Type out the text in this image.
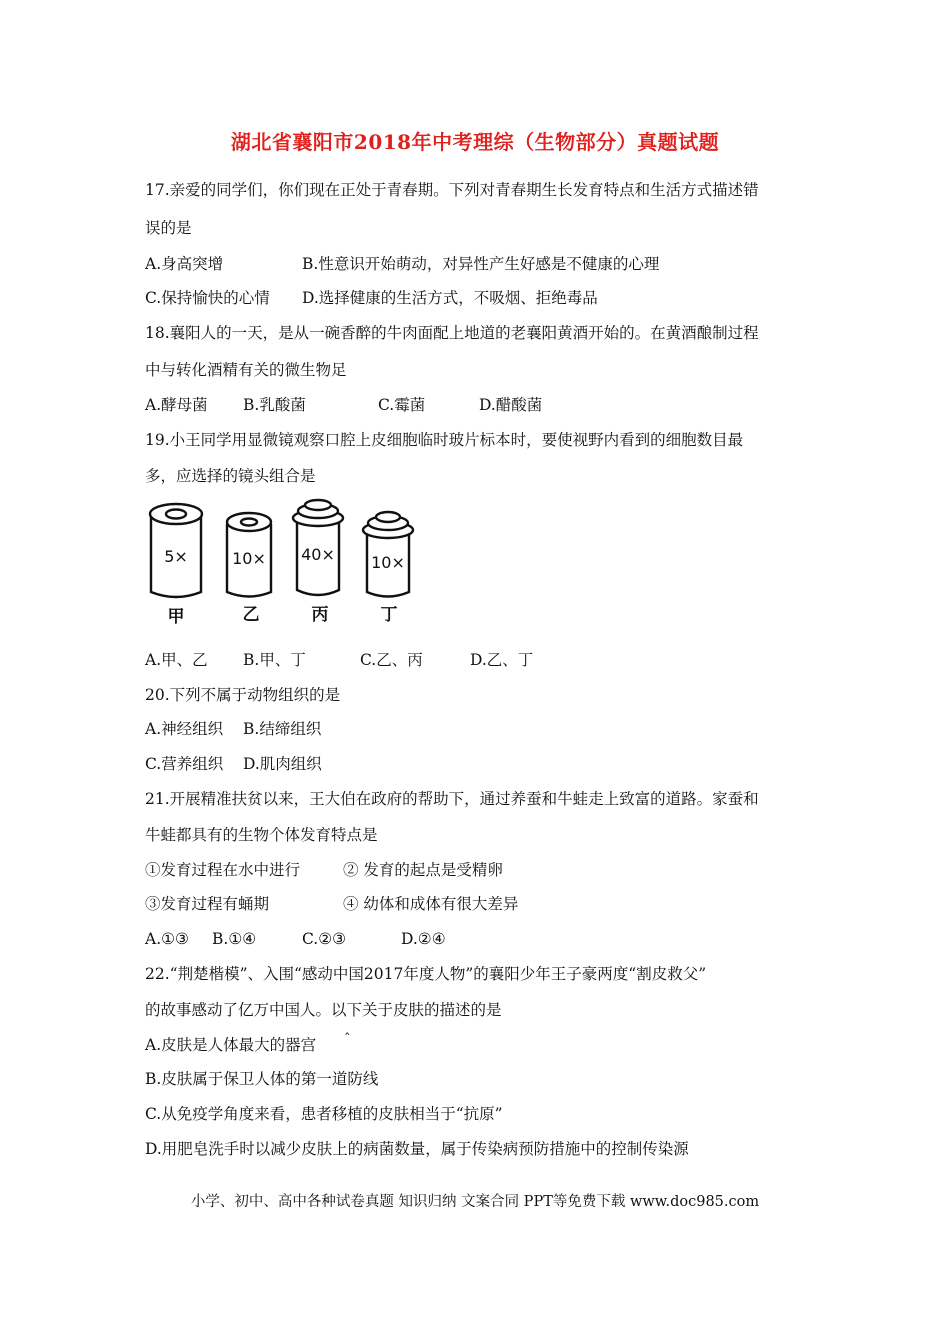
湖北省襄阳市2018年中考理综（生物部分）真题试题
17.亲爱的同学们，你们现在正处于青春期。下列对青春期生长发育特点和生活方式描述错
误的是
A.身高突增	B.性意识开始萌动，对异性产生好感是不健康的心理
C.保持愉快的心情 D.选择健康的生活方式，不吸烟、拒绝毒品
18.襄阳人的一天，是从一碗香醉的牛肉面配上地道的老襄阳黄酒开始的。在黄酒酿制过程
中与转化酒精有关的微生物足
A.酵母菌 B.乳酸菌	C.霉菌	D.醋酸菌
19.小王同学用显微镜观察口腔上皮细胞临时玻片标本时，要使视野内看到的细胞数目最
多，应选择的镜头组合是
5×
甲
10×
乙
40×
丙
10×
丁
A.甲、乙 B.甲、丁	C.乙、丙	D.乙、丁
20.下列不属于动物组织的是
A.神经组织 B.结缔组织
C.营养组织 D.肌肉组织
21.开展精准扶贫以来，王大伯在政府的帮助下，通过养蚕和牛蛙走上致富的道路。家蚕和
牛蛙都具有的生物个体发育特点是
①发育过程在水中进行	② 发育的起点是受精卵
③发育过程有蛹期	④ 幼体和成体有很大差异
A.①③ B.①④	C.②③	D.②④
22.“荆楚楷模”、入围“感动中国2017年度人物”的襄阳少年王子豪两度“割皮救父”
的故事感动了亿万中国人。以下关于皮肤的描述的是
A.皮肤是人体最大的器宫 ˆ
B.皮肤属于保卫人体的第一道防线
C.从免疫学角度来看，患者移植的皮肤相当于“抗原”
D.用肥皂洗手时以减少皮肤上的病菌数量，属于传染病预防措施中的控制传染源
小学、初中、高中各种试卷真题 知识归纳 文案合同 PPT等免费下载 www.doc985.com
